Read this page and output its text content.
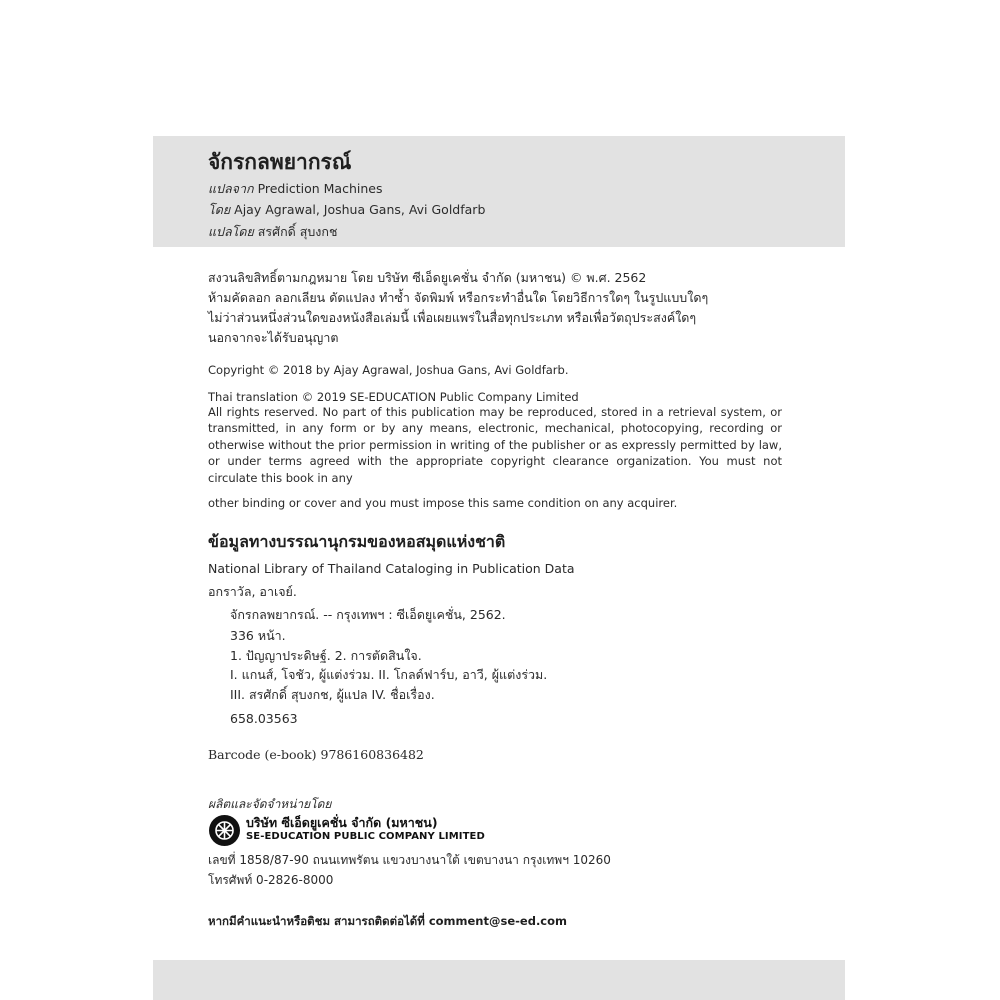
จักรกลพยากรณ์
แปลจาก Prediction Machines
โดย Ajay Agrawal, Joshua Gans, Avi Goldfarb
แปลโดย สรศักดิ์ สุบงกช
สงวนลิขสิทธิ์ตามกฎหมาย โดย บริษัท ซีเอ็ดยูเคชั่น จำกัด (มหาชน) © พ.ศ. 2562
ห้ามคัดลอก ลอกเลียน ดัดแปลง ทำซ้ำ จัดพิมพ์ หรือกระทำอื่นใด โดยวิธีการใดๆ ในรูปแบบใดๆ
ไม่ว่าส่วนหนึ่งส่วนใดของหนังสือเล่มนี้ เพื่อเผยแพร่ในสื่อทุกประเภท หรือเพื่อวัตถุประสงค์ใดๆ
นอกจากจะได้รับอนุญาต
Copyright © 2018 by Ajay Agrawal, Joshua Gans, Avi Goldfarb.
Thai translation © 2019 SE-EDUCATION Public Company Limited
All rights reserved. No part of this publication may be reproduced, stored in a retrieval system, or transmitted, in any form or by any means, electronic, mechanical, photocopying, recording or otherwise without the prior permission in writing of the publisher or as expressly permitted by law, or under terms agreed with the appropriate copyright clearance organization. You must not circulate this book in any
other binding or cover and you must impose this same condition on any acquirer.
ข้อมูลทางบรรณานุกรมของหอสมุดแห่งชาติ
National Library of Thailand Cataloging in Publication Data
อกราวัล, อาเจย์.
จักรกลพยากรณ์. -- กรุงเทพฯ : ซีเอ็ดยูเคชั่น, 2562.
336 หน้า.
1. ปัญญาประดิษฐ์. 2. การตัดสินใจ.
I. แกนส์, โจชัว, ผู้แต่งร่วม. II. โกลด์ฟาร์บ, อาวี, ผู้แต่งร่วม.
III. สรศักดิ์ สุบงกช, ผู้แปล IV. ชื่อเรื่อง.
658.03563
Barcode (e-book) 9786160836482
ผลิตและจัดจำหน่ายโดย
บริษัท ซีเอ็ดยูเคชั่น จำกัด (มหาชน)
SE-EDUCATION PUBLIC COMPANY LIMITED
เลขที่ 1858/87-90 ถนนเทพรัตน แขวงบางนาใต้ เขตบางนา กรุงเทพฯ 10260
โทรศัพท์ 0-2826-8000
หากมีคำแนะนำหรือติชม สามารถติดต่อได้ที่ comment@se-ed.com
